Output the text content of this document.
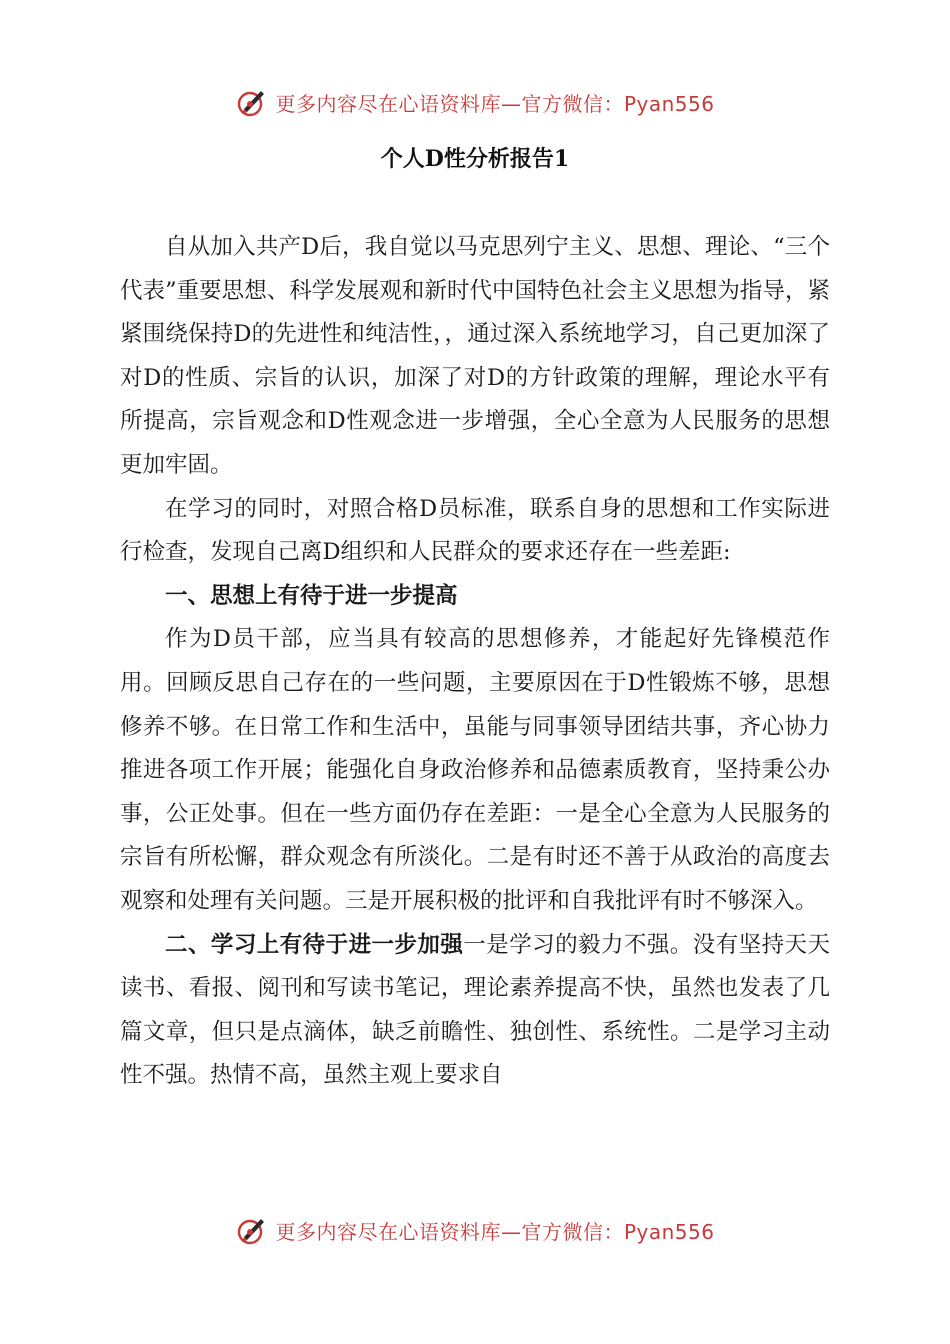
更多内容尽在心语资料库—官方微信：Pyan556
个人D性分析报告1

自从加入共产D后，我自觉以马克思列宁主义、思想、理论、“三个代表”重要思想、科学发展观和新时代中国特色社会主义思想为指导，紧紧围绕保持D的先进性和纯洁性，，通过深入系统地学习，自己更加深了对D的性质、宗旨的认识，加深了对D的方针政策的理解，理论水平有所提高，宗旨观念和D性观念进一步增强，全心全意为人民服务的思想更加牢固。

在学习的同时，对照合格D员标准，联系自身的思想和工作实际进行检查，发现自己离D组织和人民群众的要求还存在一些差距:

一、思想上有待于进一步提高

作为D员干部，应当具有较高的思想修养，才能起好先锋模范作用。回顾反思自己存在的一些问题，主要原因在于D性锻炼不够，思想修养不够。在日常工作和生活中，虽能与同事领导团结共事，齐心协力推进各项工作开展；能强化自身政治修养和品德素质教育，坚持秉公办事，公正处事。但在一些方面仍存在差距：一是全心全意为人民服务的宗旨有所松懈，群众观念有所淡化。二是有时还不善于从政治的高度去观察和处理有关问题。三是开展积极的批评和自我批评有时不够深入。

二、学习上有待于进一步加强一是学习的毅力不强。没有坚持天天读书、看报、阅刊和写读书笔记，理论素养提高不快，虽然也发表了几篇文章，但只是点滴体，缺乏前瞻性、独创性、系统性。二是学习主动性不强。热情不高，虽然主观上要求自

更多内容尽在心语资料库—官方微信：Pyan556
